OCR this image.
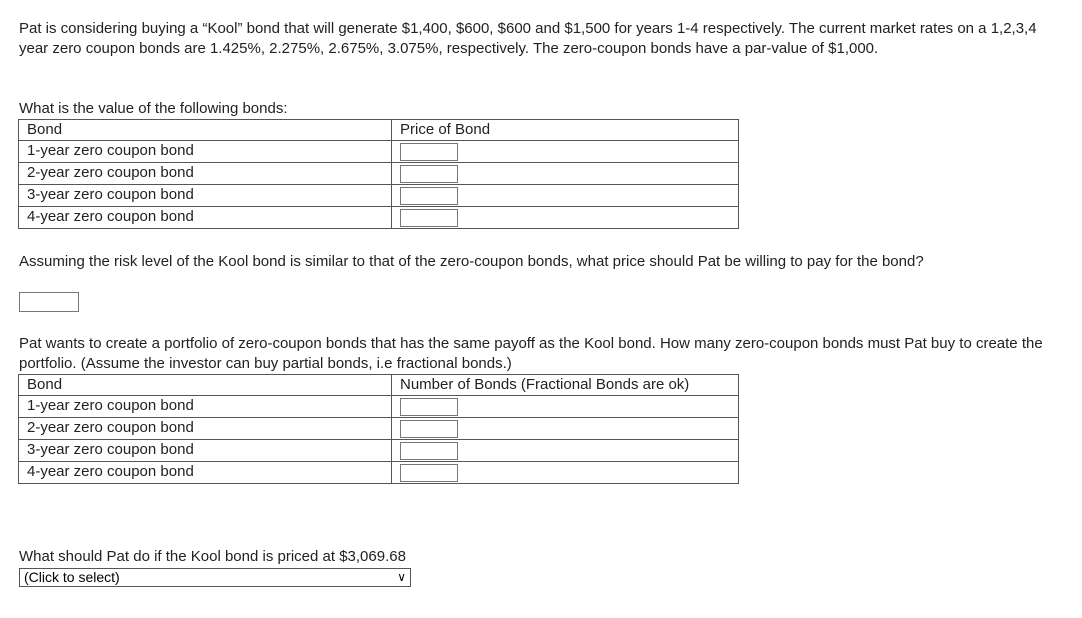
Pat is considering buying a “Kool” bond that will generate $1,400, $600, $600 and $1,500 for years 1-4 respectively. The current market rates on a 1,2,3,4 year zero coupon bonds are 1.425%, 2.275%, 2.675%, 3.075%, respectively. The zero-coupon bonds have a par-value of $1,000.

What is the value of the following bonds:

Bond	Price of Bond
1-year zero coupon bond	

2-year zero coupon bond	

3-year zero coupon bond	

4-year zero coupon bond	

Assuming the risk level of the Kool bond is similar to that of the zero-coupon bonds, what price should Pat be willing to pay for the bond?

Pat wants to create a portfolio of zero-coupon bonds that has the same payoff as the Kool bond. How many zero-coupon bonds must Pat buy to create the portfolio. (Assume the investor can buy partial bonds, i.e fractional bonds.)

Bond	Number of Bonds (Fractional Bonds are ok)
1-year zero coupon bond	

2-year zero coupon bond	

3-year zero coupon bond	

4-year zero coupon bond	

What should Pat do if the Kool bond is priced at $3,069.68

(Click to select)	∨
